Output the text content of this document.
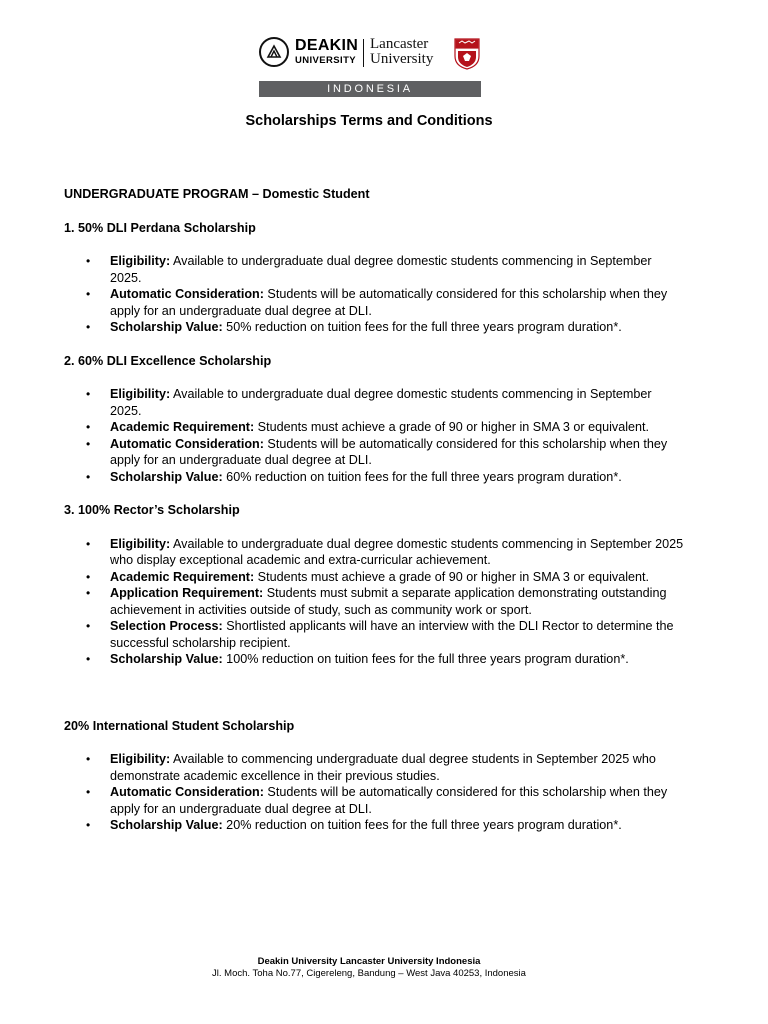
DEAKIN
UNIVERSITY
Lancaster
University
INDONESIA
Scholarships Terms and Conditions

UNDERGRADUATE PROGRAM – Domestic Student

1. 50% DLI Perdana Scholarship

• Eligibility: Available to undergraduate dual degree domestic students commencing in September 2025.
• Automatic Consideration: Students will be automatically considered for this scholarship when they apply for an undergraduate dual degree at DLI.
• Scholarship Value: 50% reduction on tuition fees for the full three years program duration*.

2. 60% DLI Excellence Scholarship

• Eligibility: Available to undergraduate dual degree domestic students commencing in September 2025.
• Academic Requirement: Students must achieve a grade of 90 or higher in SMA 3 or equivalent.
• Automatic Consideration: Students will be automatically considered for this scholarship when they apply for an undergraduate dual degree at DLI.
• Scholarship Value: 60% reduction on tuition fees for the full three years program duration*.

3. 100% Rector’s Scholarship

• Eligibility: Available to undergraduate dual degree domestic students commencing in September 2025 who display exceptional academic and extra-curricular achievement.
• Academic Requirement: Students must achieve a grade of 90 or higher in SMA 3 or equivalent.
• Application Requirement: Students must submit a separate application demonstrating outstanding achievement in activities outside of study, such as community work or sport.
• Selection Process: Shortlisted applicants will have an interview with the DLI Rector to determine the successful scholarship recipient.
• Scholarship Value: 100% reduction on tuition fees for the full three years program duration*.

20% International Student Scholarship

• Eligibility: Available to commencing undergraduate dual degree students in September 2025 who demonstrate academic excellence in their previous studies.
• Automatic Consideration: Students will be automatically considered for this scholarship when they apply for an undergraduate dual degree at DLI.
• Scholarship Value: 20% reduction on tuition fees for the full three years program duration*.
Deakin University Lancaster University Indonesia
Jl. Moch. Toha No.77, Cigereleng, Bandung – West Java 40253, Indonesia
